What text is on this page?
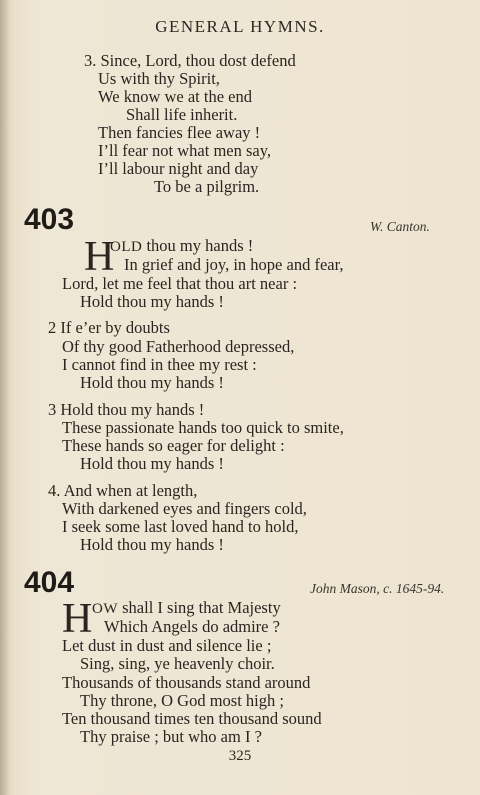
GENERAL HYMNS.
3. Since, Lord, thou dost defend
Us with thy Spirit,
We know we at the end
Shall life inherit.
Then fancies flee away !
I’ll fear not what men say,
I’ll labour night and day
To be a pilgrim.
403	W. Canton.
H
OLD thou my hands !
In grief and joy, in hope and fear,
Lord, let me feel that thou art near :
Hold thou my hands !
2 If e’er by doubts
Of thy good Fatherhood depressed,
I cannot find in thee my rest :
Hold thou my hands !
3 Hold thou my hands !
These passionate hands too quick to smite,
These hands so eager for delight :
Hold thou my hands !
4. And when at length,
With darkened eyes and fingers cold,
I seek some last loved hand to hold,
Hold thou my hands !
404	John Mason, c. 1645-94.
H OW shall I sing that Majesty
Which Angels do admire ?
Let dust in dust and silence lie ;
Sing, sing, ye heavenly choir.
Thousands of thousands stand around
Thy throne, O God most high ;
Ten thousand times ten thousand sound
Thy praise ; but who am I ?
325
